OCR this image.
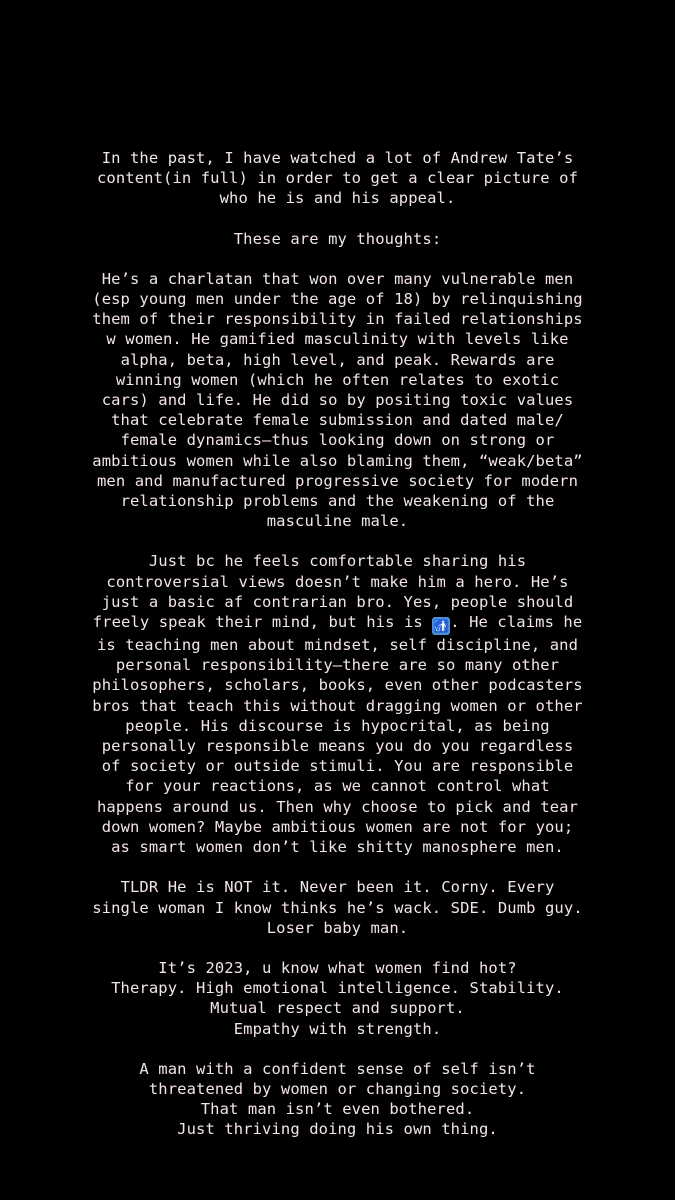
In the past, I have watched a lot of Andrew Tate’s
content(in full) in order to get a clear picture of
who he is and his appeal.

These are my thoughts:

He’s a charlatan that won over many vulnerable men
(esp young men under the age of 18) by relinquishing
them of their responsibility in failed relationships
w women. He gamified masculinity with levels like
alpha, beta, high level, and peak. Rewards are
winning women (which he often relates to exotic
cars) and life. He did so by positing toxic values
that celebrate female submission and dated male/
female dynamics—thus looking down on strong or
ambitious women while also blaming them, “weak/beta”
men and manufactured progressive society for modern
relationship problems and the weakening of the
masculine male.

Just bc he feels comfortable sharing his
controversial views doesn’t make him a hero. He’s
just a basic af contrarian bro. Yes, people should
freely speak their mind, but his is 🚮. He claims he
is teaching men about mindset, self discipline, and
personal responsibility—there are so many other
philosophers, scholars, books, even other podcasters
bros that teach this without dragging women or other
people. His discourse is hypocrital, as being
personally responsible means you do you regardless
of society or outside stimuli. You are responsible
for your reactions, as we cannot control what
happens around us. Then why choose to pick and tear
down women? Maybe ambitious women are not for you;
as smart women don’t like shitty manosphere men.

TLDR He is NOT it. Never been it. Corny. Every
single woman I know thinks he’s wack. SDE. Dumb guy.
Loser baby man.

It’s 2023, u know what women find hot?
Therapy. High emotional intelligence. Stability.
Mutual respect and support.
Empathy with strength.

A man with a confident sense of self isn’t
threatened by women or changing society.
That man isn’t even bothered.
Just thriving doing his own thing.
